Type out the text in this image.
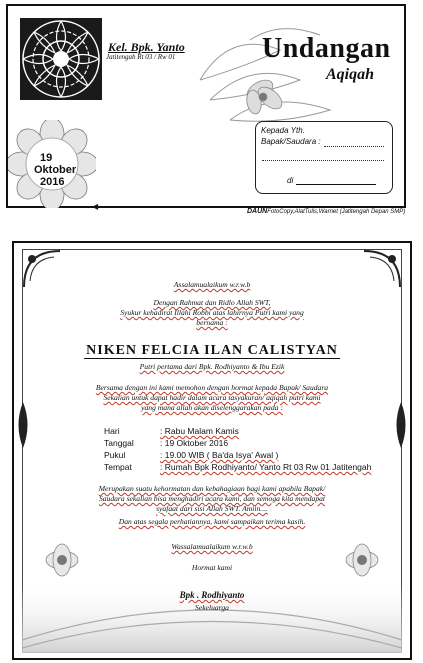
Kel. Bpk. Yanto
Jatitengah Rt 03 / Rw 01	Undangan
Aqiqah
19
Oktober
2016
Kepada Yth.
Bapak/Saudara :
di
◀
DAUNFotoCopy,AlatTulis,Warnet (Jatitengah Depan SMP)
Assalamualaikum w.r.w.b
Dengan Rahmat dan Ridlo Allah SWT,
Syukur kehadirat Illahi Robbi atas lahirnya Putri kami yang
bernama :
NIKEN FELCIA ILAN CALISTYAN
Putri pertama dari Bpk. Rodhiyanto & Ibu Ezik
Bersama dengan ini kami memohon dengan hormat kepada Bapak/ Saudara
Sekalian untuk dapat hadir dalam acara tasyakuran/ aqiqah putri kami
yang mana allah akan diselenggarakan pada :
Hari	: Rabu Malam Kamis
Tanggal	: 19 Oktober 2016
Pukul	: 19.00 WIB ( Ba'da Isya' Awal )
Tempat	: Rumah Bpk Rodhiyanto/ Yanto Rt 03 Rw 01 Jatitengah
Merupakan suatu kehormatan dan kebahagiaan bagi kami apabila Bapak/
Saudara sekalian bisa menghadiri acara kami, dan semoga kita mendapat
syafaat dari sisi Allah SWT. Amiin....
Dan atas segala perhatiannya, kami sampaikan terima kasih.
Wassalamualaikum w.r.w.b
Hormat kami
Bpk . Rodhiyanto
Sekeluarga
